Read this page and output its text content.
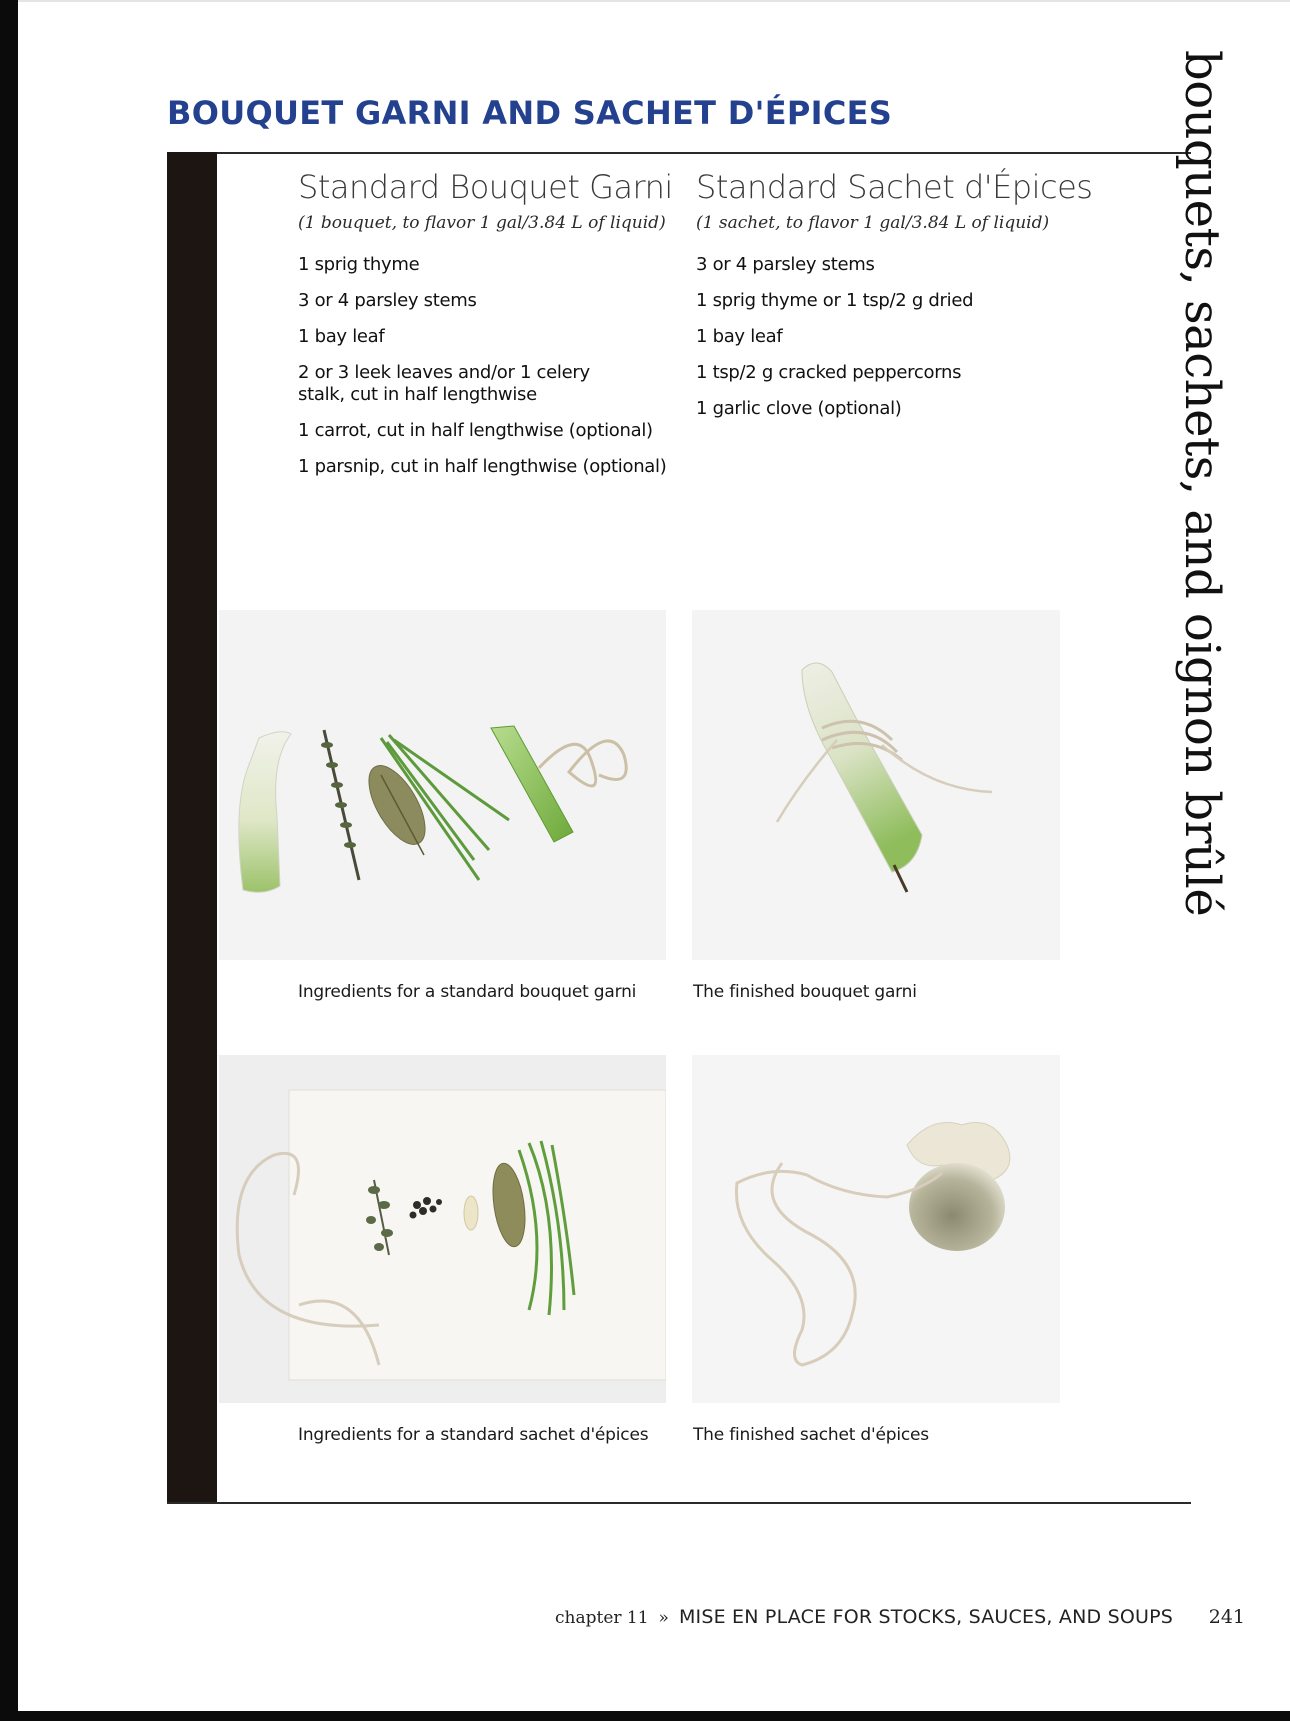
BOUQUET GARNI AND SACHET D'ÉPICES
Standard Bouquet Garni
(1 bouquet, to flavor 1 gal/3.84 L of liquid)
1 sprig thyme
3 or 4 parsley stems
1 bay leaf
2 or 3 leek leaves and/or 1 celery stalk, cut in half lengthwise
1 carrot, cut in half lengthwise (optional)
1 parsnip, cut in half lengthwise (optional)
Standard Sachet d'Épices
(1 sachet, to flavor 1 gal/3.84 L of liquid)
3 or 4 parsley stems
1 sprig thyme or 1 tsp/2 g dried
1 bay leaf
1 tsp/2 g cracked peppercorns
1 garlic clove (optional)
Ingredients for a standard bouquet garni	The finished bouquet garni
Ingredients for a standard sachet d'épices	The finished sachet d'épices
bouquets, sachets, and oignon brûlé
chapter 11 » MISE EN PLACE FOR STOCKS, SAUCES, AND SOUPS 241
